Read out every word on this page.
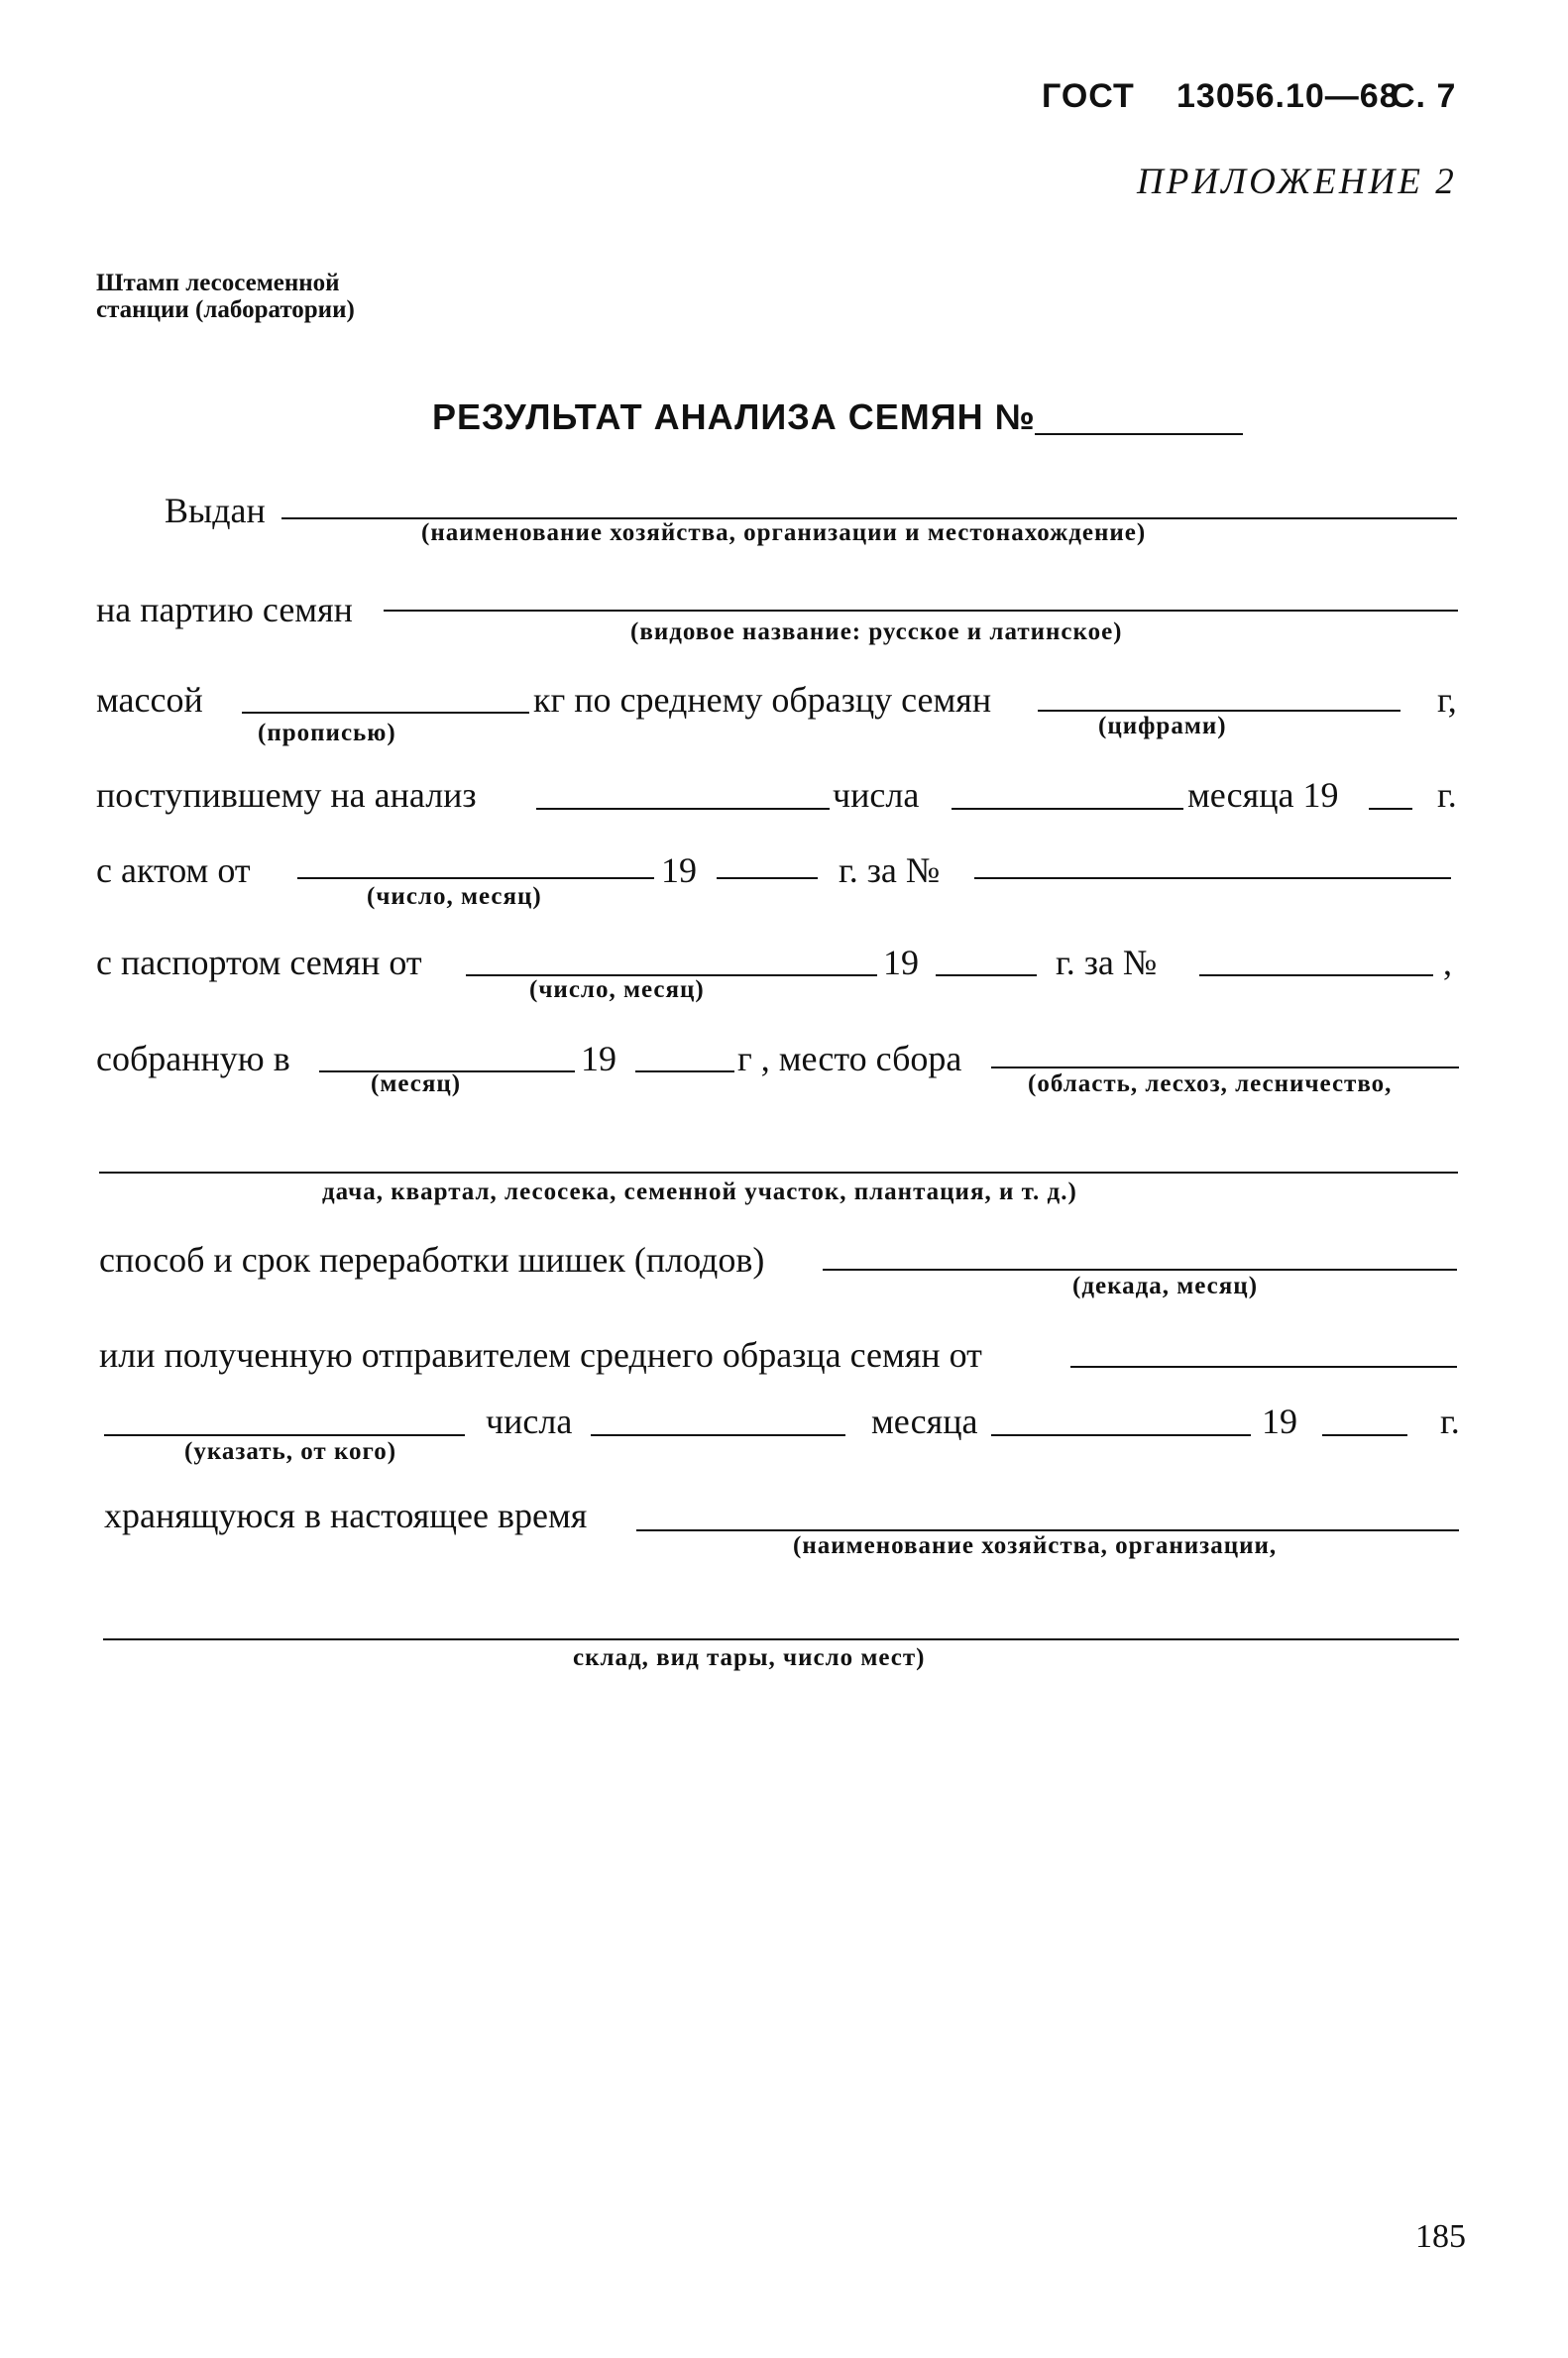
ГОСТ 13056.10—68
С. 7
ПРИЛОЖЕНИЕ 2
Штамп лесосеменной
станции (лаборатории)
РЕЗУЛЬТАТ АНАЛИЗА СЕМЯН №
Выдан
(наименование хозяйства, организации и местонахождение)
на партию семян
(видовое название: русское и латинское)
массой
(прописью)
кг по среднему образцу семян
(цифрами)
г,
поступившему на анализ	числа	месяца 19	г.
с актом от
(число, месяц)
19	г. за №
с паспортом семян от
(число, месяц)
19	г. за №	,
собранную в
(месяц)
19	г , место сбора
(область, лесхоз, лесничество,
дача, квартал, лесосека, семенной участок, плантация, и т. д.)
способ и срок переработки шишек (плодов)
(декада, месяц)
или полученную отправителем среднего образца семян от
(указать, от кого)
числа	месяца	19	г.
хранящуюся в настоящее время
(наименование хозяйства, организации,
склад, вид тары, число мест)
185
